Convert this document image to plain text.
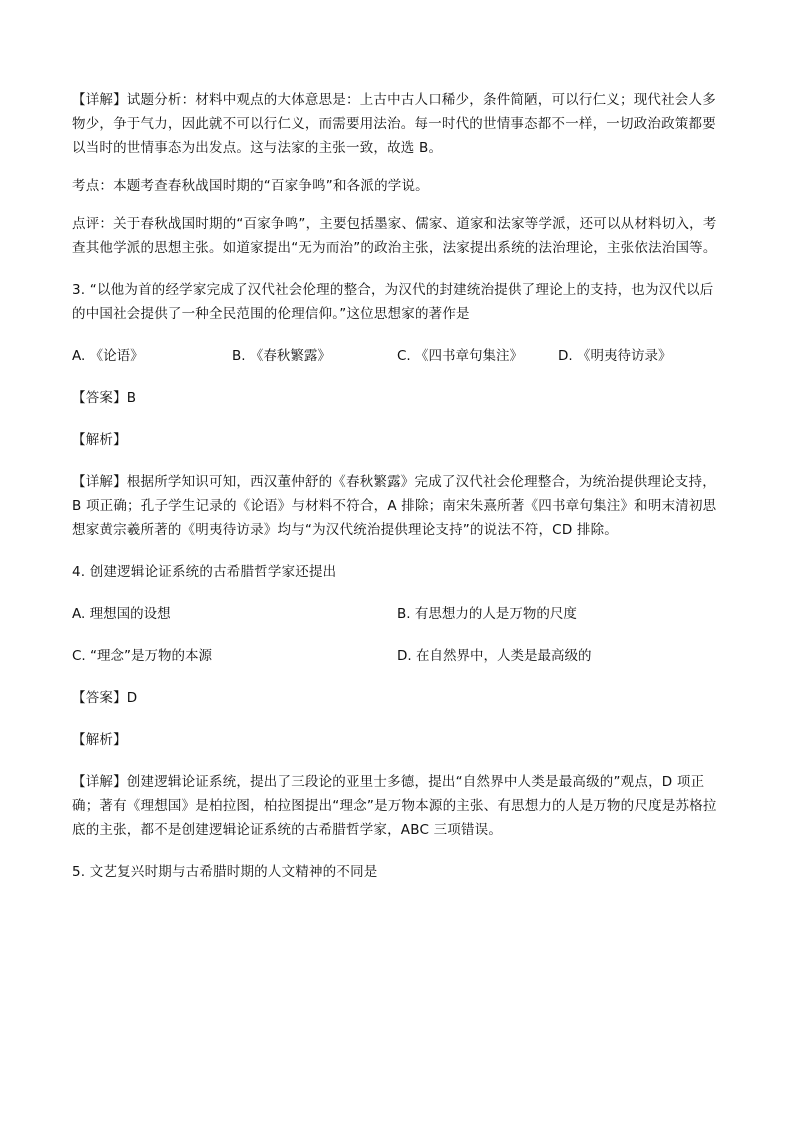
【详解】试题分析：材料中观点的大体意思是：上古中古人口稀少，条件简陋，可以行仁义；现代社会人多物少，争于气力，因此就不可以行仁义，而需要用法治。每一时代的世情事态都不一样，一切政治政策都要以当时的世情事态为出发点。这与法家的主张一致，故选 B。

考点：本题考查春秋战国时期的“百家争鸣”和各派的学说。

点评：关于春秋战国时期的“百家争鸣”，主要包括墨家、儒家、道家和法家等学派，还可以从材料切入，考查其他学派的思想主张。如道家提出“无为而治”的政治主张，法家提出系统的法治理论，主张依法治国等。

3. “以他为首的经学家完成了汉代社会伦理的整合，为汉代的封建统治提供了理论上的支持，也为汉代以后的中国社会提供了一种全民范围的伦理信仰。”这位思想家的著作是

A. 《论语》	B. 《春秋繁露》	C. 《四书章句集注》	D. 《明夷待访录》

【答案】B

【解析】

【详解】根据所学知识可知，西汉董仲舒的《春秋繁露》完成了汉代社会伦理整合，为统治提供理论支持，B 项正确；孔子学生记录的《论语》与材料不符合，A 排除；南宋朱熹所著《四书章句集注》和明末清初思想家黄宗羲所著的《明夷待访录》均与“为汉代统治提供理论支持”的说法不符，CD 排除。

4. 创建逻辑论证系统的古希腊哲学家还提出

A. 理想国的设想	B. 有思想力的人是万物的尺度
C. “理念”是万物的本源	D. 在自然界中，人类是最高级的

【答案】D

【解析】

【详解】创建逻辑论证系统，提出了三段论的亚里士多德，提出“自然界中人类是最高级的”观点，D 项正确；著有《理想国》是柏拉图，柏拉图提出“理念”是万物本源的主张、有思想力的人是万物的尺度是苏格拉底的主张，都不是创建逻辑论证系统的古希腊哲学家，ABC 三项错误。

5. 文艺复兴时期与古希腊时期的人文精神的不同是
